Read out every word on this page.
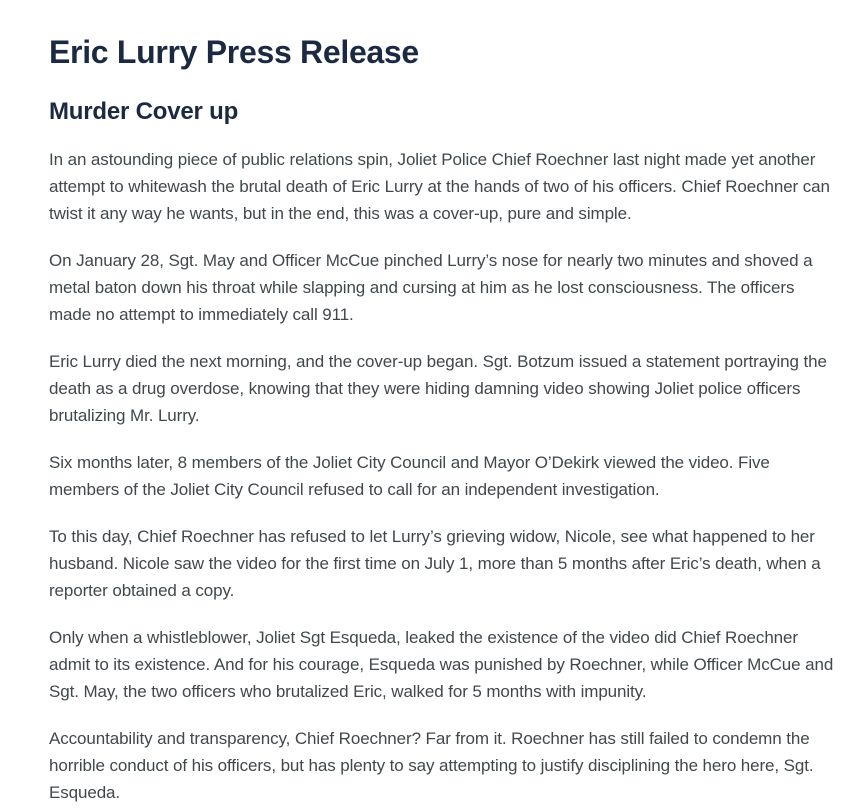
Eric Lurry Press Release
Murder Cover up

In an astounding piece of public relations spin, Joliet Police Chief Roechner last night made yet another attempt to whitewash the brutal death of Eric Lurry at the hands of two of his officers. Chief Roechner can twist it any way he wants, but in the end, this was a cover-up, pure and simple.

On January 28, Sgt. May and Officer McCue pinched Lurry’s nose for nearly two minutes and shoved a metal baton down his throat while slapping and cursing at him as he lost consciousness. The officers made no attempt to immediately call 911.

Eric Lurry died the next morning, and the cover-up began. Sgt. Botzum issued a statement portraying the death as a drug overdose, knowing that they were hiding damning video showing Joliet police officers brutalizing Mr. Lurry.

Six months later, 8 members of the Joliet City Council and Mayor O’Dekirk viewed the video. Five members of the Joliet City Council refused to call for an independent investigation.

To this day, Chief Roechner has refused to let Lurry’s grieving widow, Nicole, see what happened to her husband. Nicole saw the video for the first time on July 1, more than 5 months after Eric’s death, when a reporter obtained a copy.

Only when a whistleblower, Joliet Sgt Esqueda, leaked the existence of the video did Chief Roechner admit to its existence. And for his courage, Esqueda was punished by Roechner, while Officer McCue and Sgt. May, the two officers who brutalized Eric, walked for 5 months with impunity.

Accountability and transparency, Chief Roechner? Far from it. Roechner has still failed to condemn the horrible conduct of his officers, but has plenty to say attempting to justify disciplining the hero here, Sgt. Esqueda.
